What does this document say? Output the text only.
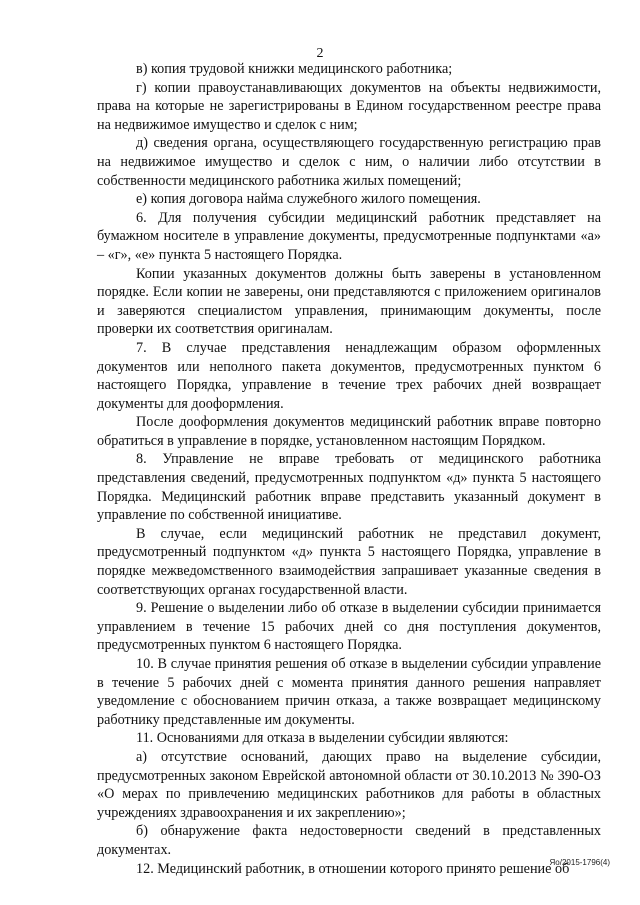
2

в) копия трудовой книжки медицинского работника;

г) копии правоустанавливающих документов на объекты недвижимости, права на которые не зарегистрированы в Едином государственном реестре права на недвижимое имущество и сделок с ним;

д) сведения органа, осуществляющего государственную регистрацию прав на недвижимое имущество и сделок с ним, о наличии либо отсутствии в собственности медицинского работника жилых помещений;

е) копия договора найма служебного жилого помещения.

6. Для получения субсидии медицинский работник представляет на бумажном носителе в управление документы, предусмотренные подпунктами «а» – «г», «е» пункта 5 настоящего Порядка.

Копии указанных документов должны быть заверены в установленном порядке. Если копии не заверены, они представляются с приложением оригиналов и заверяются специалистом управления, принимающим документы, после проверки их соответствия оригиналам.

7. В случае представления ненадлежащим образом оформленных документов или неполного пакета документов, предусмотренных пунктом 6 настоящего Порядка, управление в течение трех рабочих дней возвращает документы для дооформления.

После дооформления документов медицинский работник вправе повторно обратиться в управление в порядке, установленном настоящим Порядком.

8. Управление не вправе требовать от медицинского работника представления сведений, предусмотренных подпунктом «д» пункта 5 настоящего Порядка. Медицинский работник вправе представить указанный документ в управление по собственной инициативе.

В случае, если медицинский работник не представил документ, предусмотренный подпунктом «д» пункта 5 настоящего Порядка, управление в порядке межведомственного взаимодействия запрашивает указанные сведения в соответствующих органах государственной власти.

9. Решение о выделении либо об отказе в выделении субсидии принимается управлением в течение 15 рабочих дней со дня поступления документов, предусмотренных пунктом 6 настоящего Порядка.

10. В случае принятия решения об отказе в выделении субсидии управление в течение 5 рабочих дней с момента принятия данного решения направляет уведомление с обоснованием причин отказа, а также возвращает медицинскому работнику представленные им документы.

11. Основаниями для отказа в выделении субсидии являются:

а) отсутствие оснований, дающих право на выделение субсидии, предусмотренных законом Еврейской автономной области от 30.10.2013 № 390-ОЗ «О мерах по привлечению медицинских работников для работы в областных учреждениях здравоохранения и их закреплению»;

б) обнаружение факта недостоверности сведений в представленных документах.

12. Медицинский работник, в отношении которого принято решение об

Яо/2015-1796(4)
